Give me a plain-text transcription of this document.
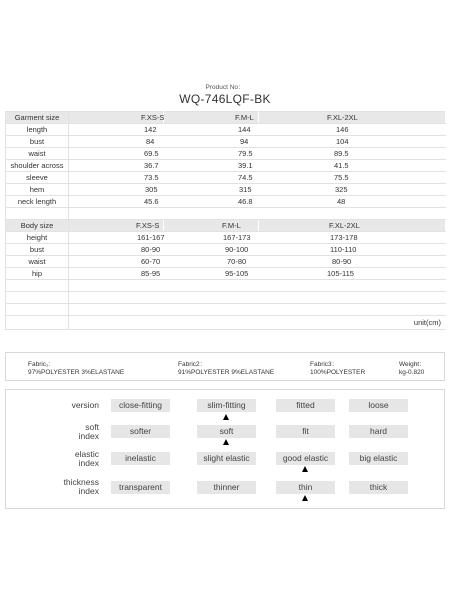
Product No：
WQ-746LQF-BK
Garment size	F.XS-S	F.M-L	F.XL-2XL
length	142	144	146
bust	84	94	104
waist	69.5	79.5	89.5
shoulder across	36.7	39.1	41.5
sleeve	73.5	74.5	75.5
hem	305	315	325
neck length	45.6	46.8	48

Body size	F.XS-S	F.M-L	F.XL-2XL
height	161-167	167-173	173-178
bust	80-90	90-100	110-110
waist	60-70	70-80	80-90
hip	85-95	95-105	105-115

	unit(cm)		
Fabric₁:
97%POLYESTER 3%ELASTANE
Fabric2：
91%POLYESTER 9%ELASTANE
Fabric3：
100%POLYESTER
Weight：
kg-0.820
version	close-fitting	slim-fitting	fitted	loose
soft
index	softer	soft	fit	hard
elastic
index	inelastic	slight elastic	good elastic	big elastic
thickness
index	transparent	thinner	thin	thick
